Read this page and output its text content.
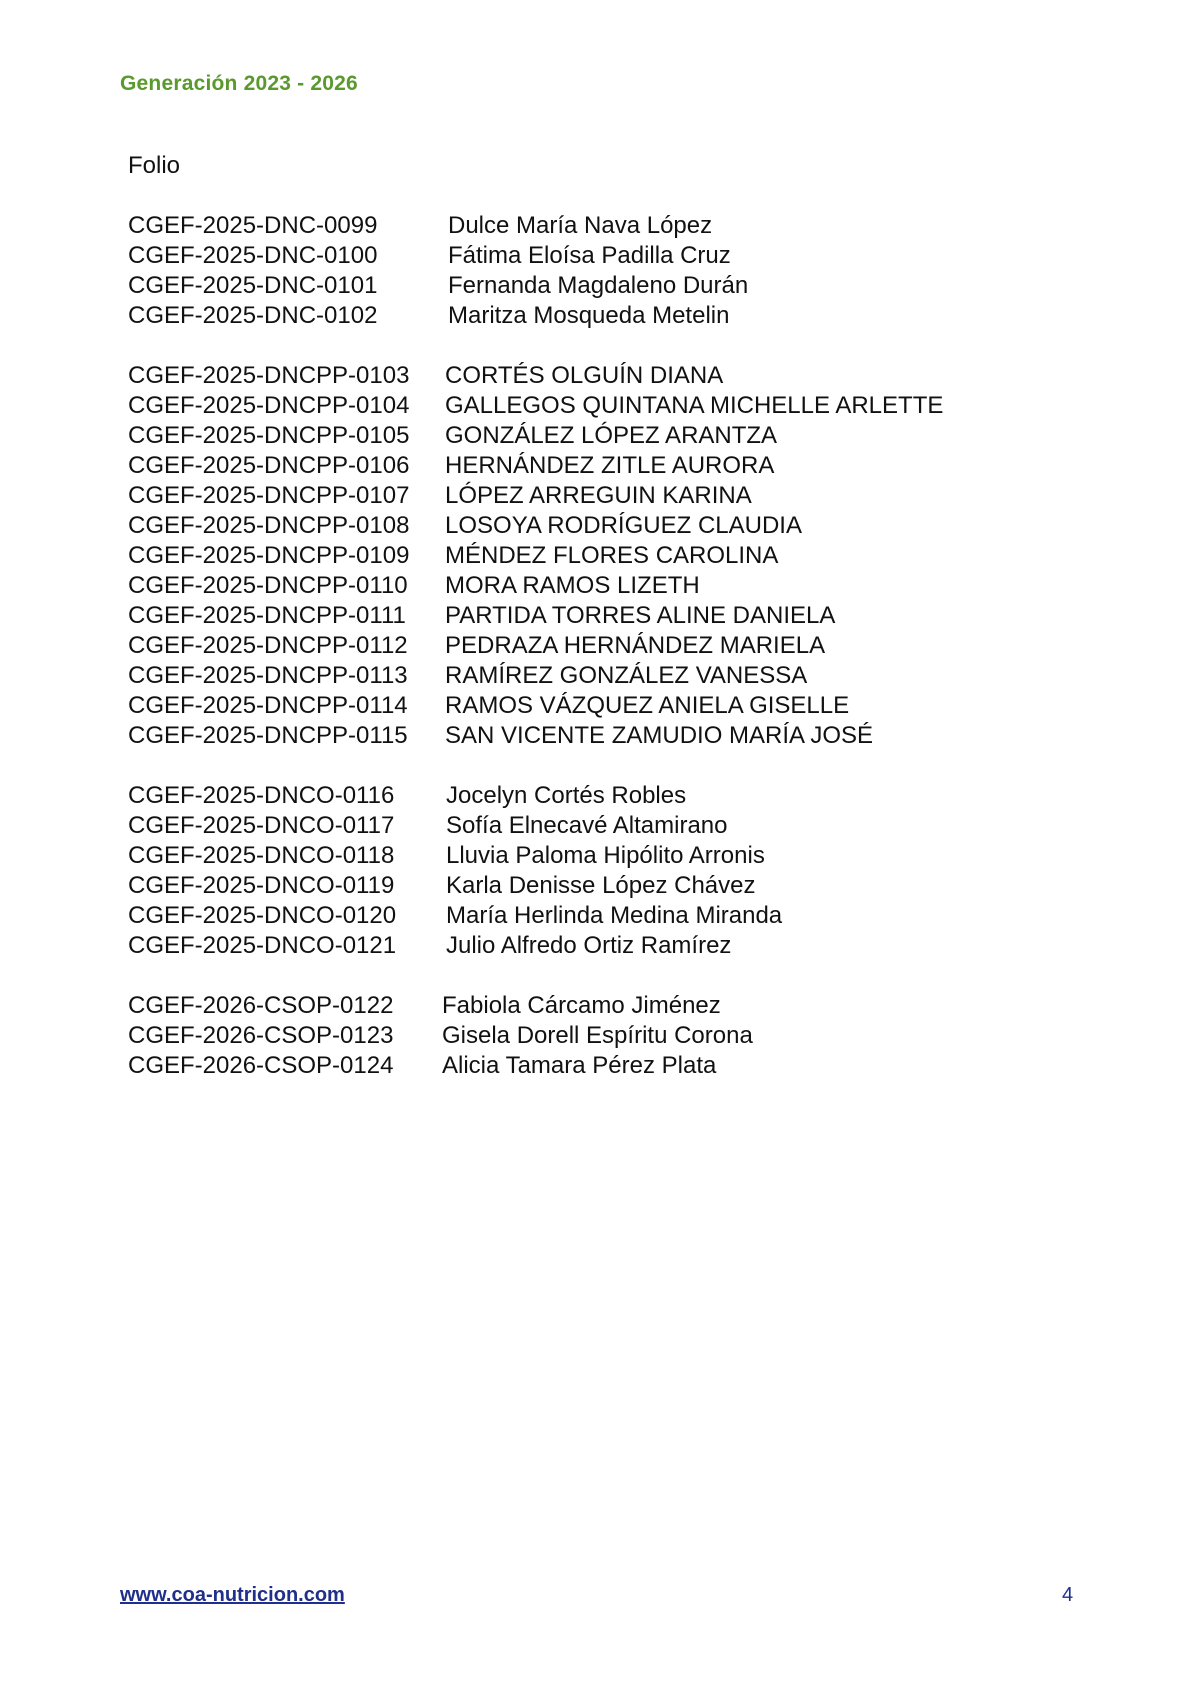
Generación 2023 - 2026
Folio
CGEF-2025-DNC-0099	Dulce María Nava López
CGEF-2025-DNC-0100	Fátima Eloísa Padilla Cruz
CGEF-2025-DNC-0101	Fernanda Magdaleno Durán
CGEF-2025-DNC-0102	Maritza Mosqueda Metelin
CGEF-2025-DNCPP-0103 CORTÉS OLGUÍN DIANA
CGEF-2025-DNCPP-0104 GALLEGOS QUINTANA MICHELLE ARLETTE
CGEF-2025-DNCPP-0105 GONZÁLEZ LÓPEZ ARANTZA
CGEF-2025-DNCPP-0106 HERNÁNDEZ ZITLE AURORA
CGEF-2025-DNCPP-0107 LÓPEZ ARREGUIN KARINA
CGEF-2025-DNCPP-0108 LOSOYA RODRÍGUEZ CLAUDIA
CGEF-2025-DNCPP-0109 MÉNDEZ FLORES CAROLINA
CGEF-2025-DNCPP-0110 MORA RAMOS LIZETH
CGEF-2025-DNCPP-0111 PARTIDA TORRES ALINE DANIELA
CGEF-2025-DNCPP-0112 PEDRAZA HERNÁNDEZ MARIELA
CGEF-2025-DNCPP-0113 RAMÍREZ GONZÁLEZ VANESSA
CGEF-2025-DNCPP-0114 RAMOS VÁZQUEZ ANIELA GISELLE
CGEF-2025-DNCPP-0115 SAN VICENTE ZAMUDIO MARÍA JOSÉ
CGEF-2025-DNCO-0116 Jocelyn Cortés Robles
CGEF-2025-DNCO-0117 Sofía Elnecavé Altamirano
CGEF-2025-DNCO-0118 Lluvia Paloma Hipólito Arronis
CGEF-2025-DNCO-0119 Karla Denisse López Chávez
CGEF-2025-DNCO-0120 María Herlinda Medina Miranda
CGEF-2025-DNCO-0121 Julio Alfredo Ortiz Ramírez
CGEF-2026-CSOP-0122 Fabiola Cárcamo Jiménez
CGEF-2026-CSOP-0123 Gisela Dorell Espíritu Corona
CGEF-2026-CSOP-0124 Alicia Tamara Pérez Plata
www.coa-nutricion.com	4
